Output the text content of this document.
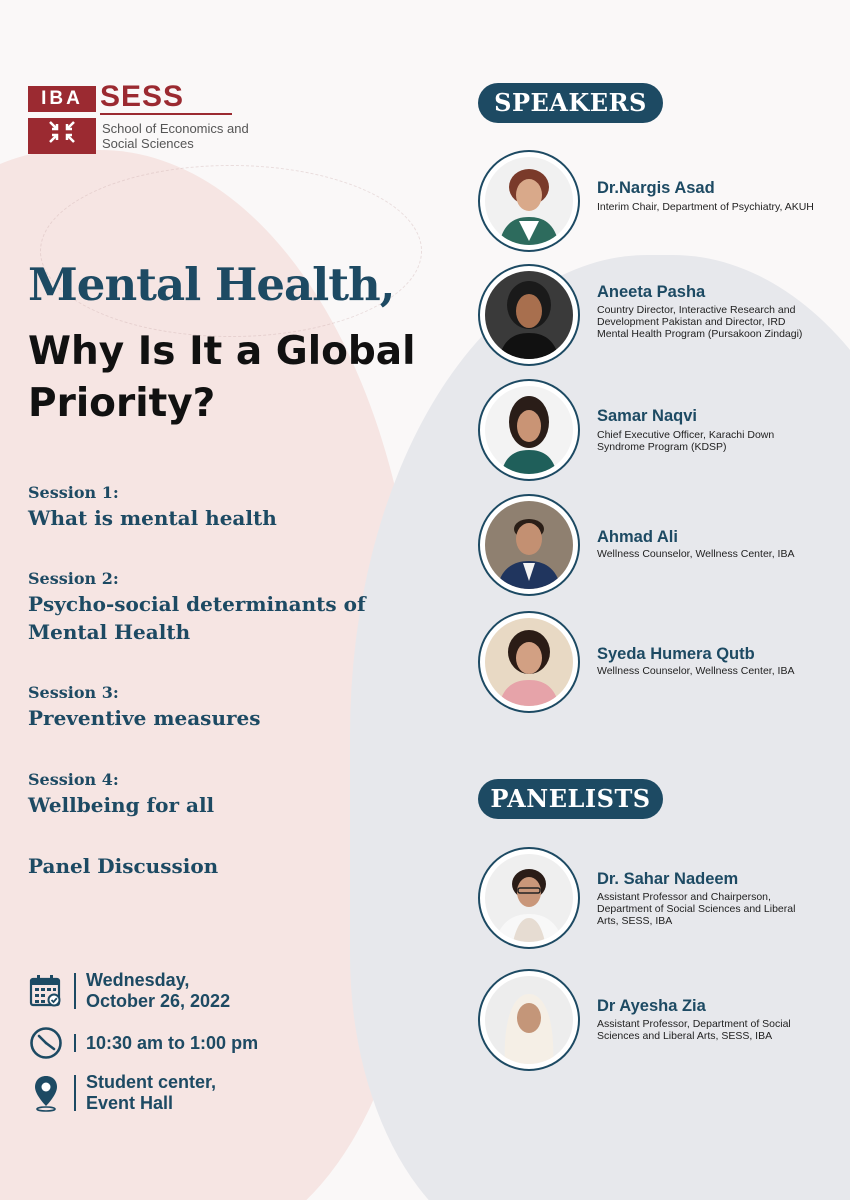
IBA SESS
School of Economics and Social Sciences
Mental Health,
Why Is It a Global Priority?
Session 1:
What is mental health
Session 2:
Psycho-social determinants of Mental Health
Session 3:
Preventive measures
Session 4:
Wellbeing for all
Panel Discussion
Wednesday, October 26, 2022
10:30 am to 1:00 pm
Student center, Event Hall
SPEAKERS
Dr.Nargis Asad
Interim Chair, Department of Psychiatry, AKUH
Aneeta Pasha
Country Director, Interactive Research and Development Pakistan and Director, IRD Mental Health Program (Pursakoon Zindagi)
Samar Naqvi
Chief Executive Officer, Karachi Down Syndrome Program (KDSP)
Ahmad Ali
Wellness Counselor, Wellness Center, IBA
Syeda Humera Qutb
Wellness Counselor, Wellness Center, IBA
PANELISTS
Dr. Sahar Nadeem
Assistant Professor and Chairperson, Department of Social Sciences and Liberal Arts, SESS, IBA
Dr Ayesha Zia
Assistant Professor, Department of Social Sciences and Liberal Arts, SESS, IBA
